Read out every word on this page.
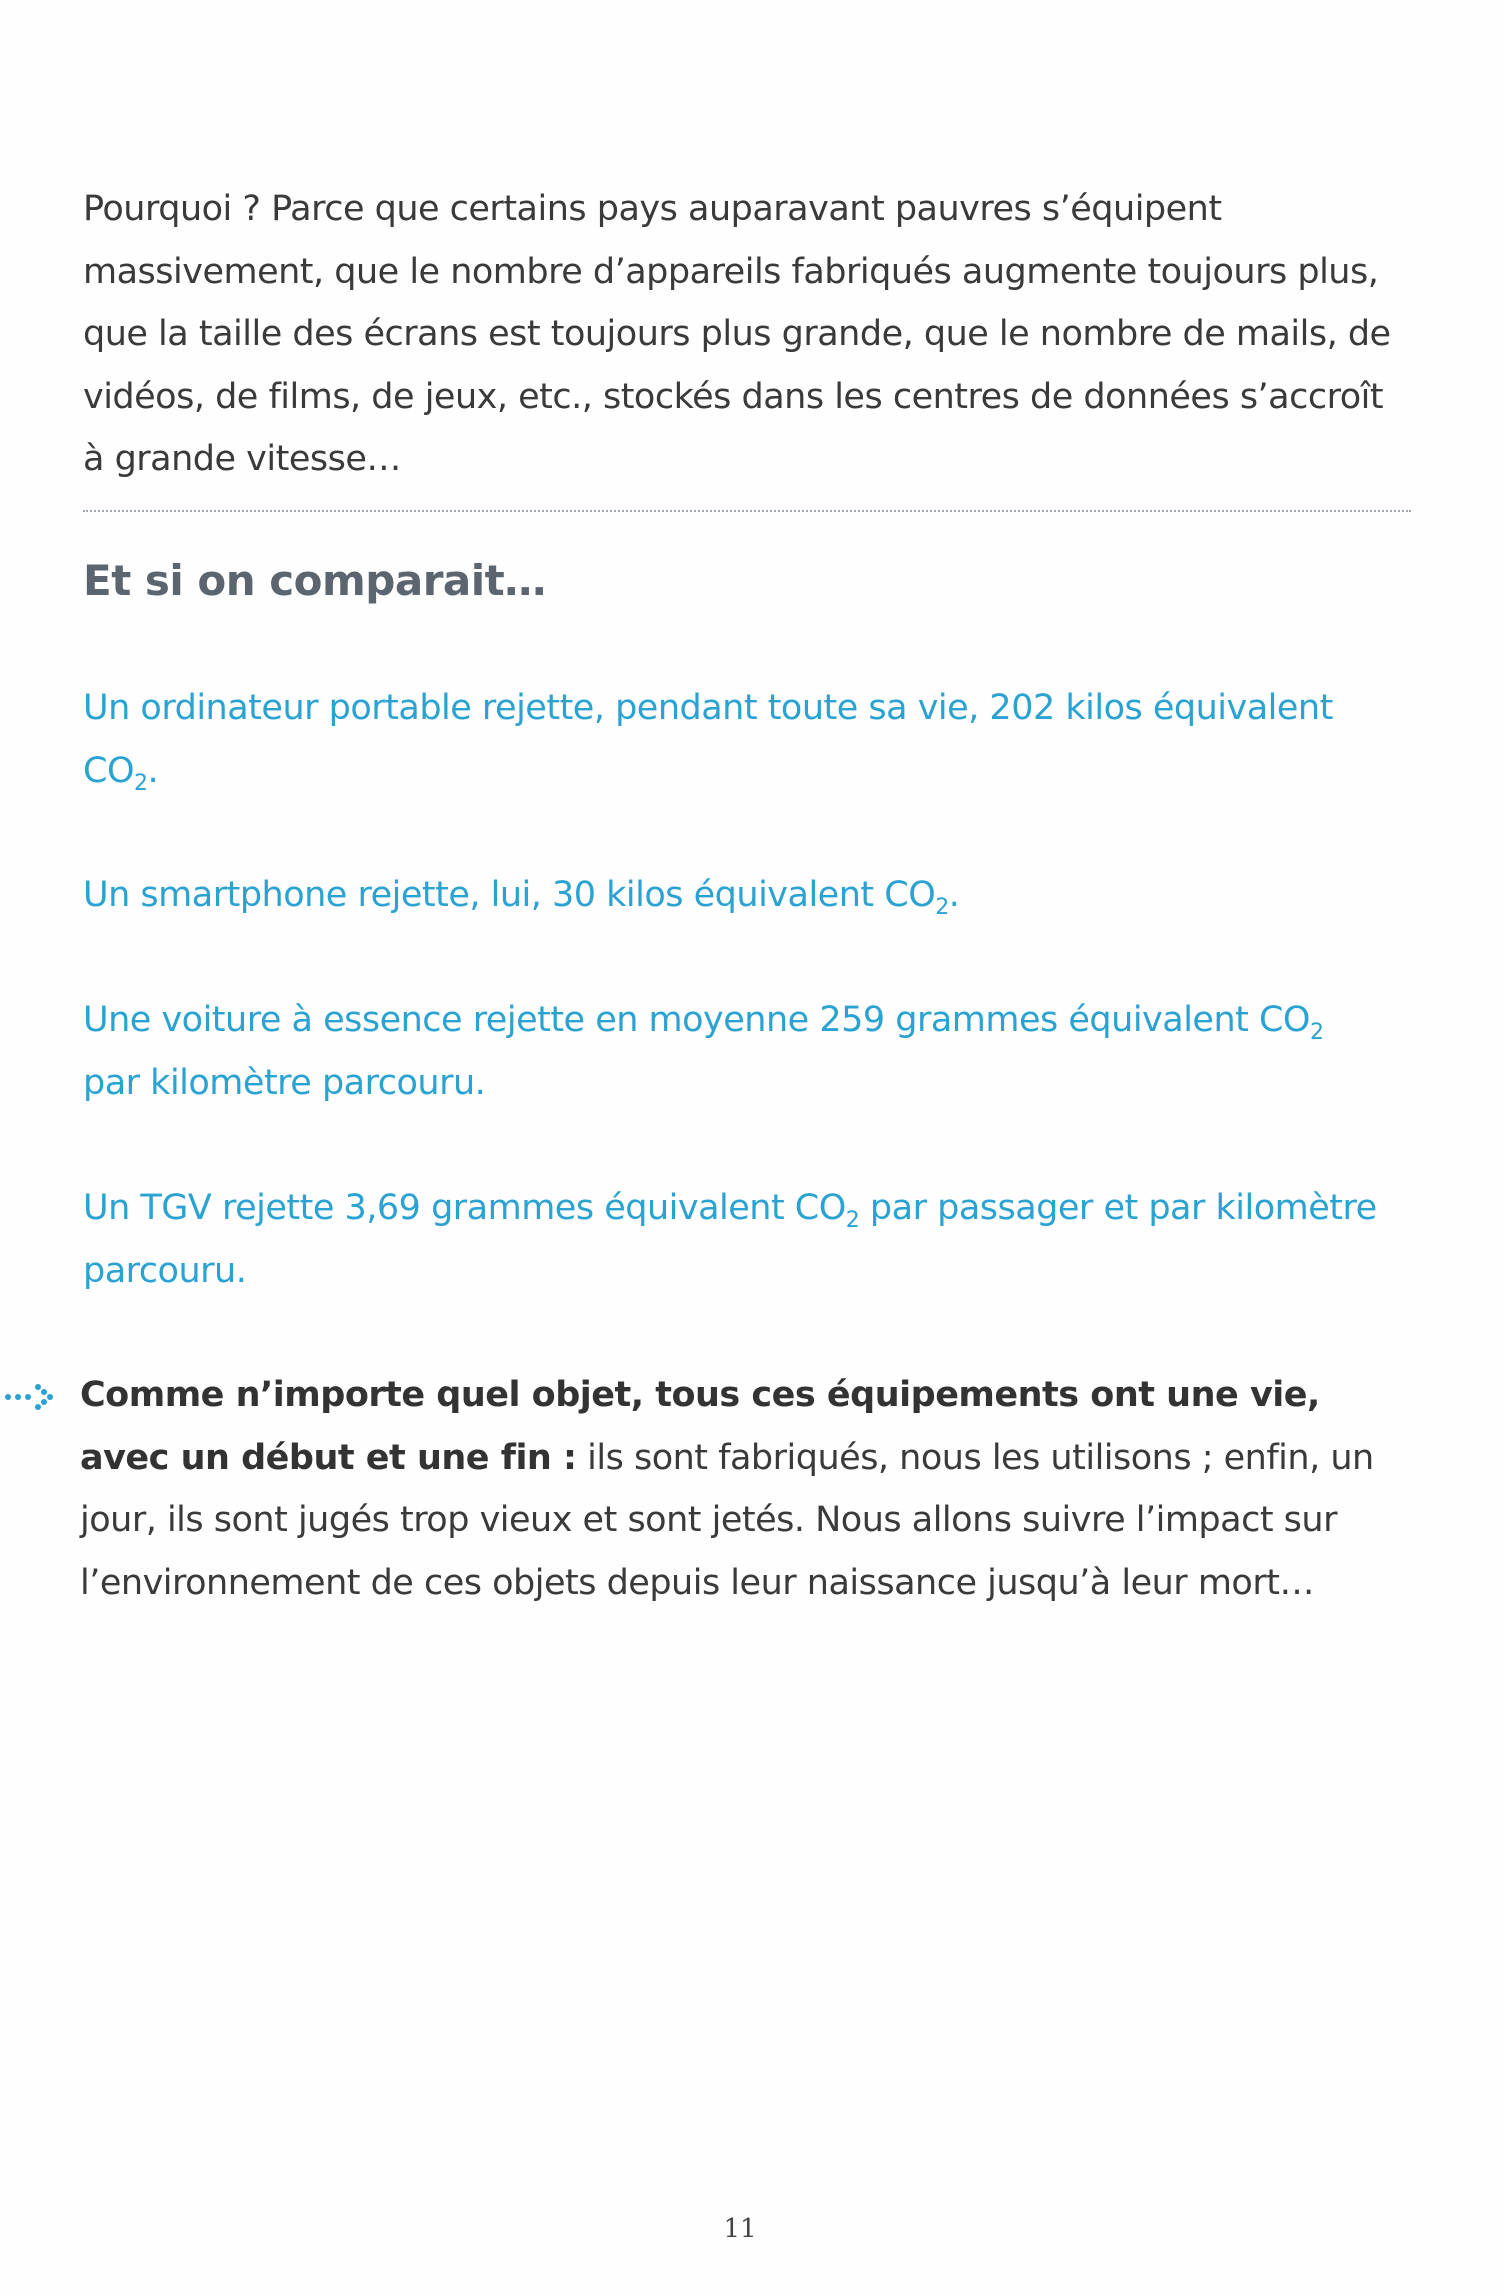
Pourquoi ? Parce que certains pays auparavant pauvres s’équipent massivement, que le nombre d’appareils fabriqués augmente toujours plus, que la taille des écrans est toujours plus grande, que le nombre de mails, de vidéos, de films, de jeux, etc., stockés dans les centres de données s’accroît à grande vitesse…

Et si on comparait…

Un ordinateur portable rejette, pendant toute sa vie, 202 kilos équivalent $CO_2$.

Un smartphone rejette, lui, 30 kilos équivalent $CO_2$.

Une voiture à essence rejette en moyenne 259 grammes équivalent $CO_2$ par kilomètre parcouru.

Un TGV rejette 3,69 grammes équivalent $CO_2$ par passager et par kilomètre parcouru.

Comme n’importe quel objet, tous ces équipements ont une vie, avec un début et une fin : ils sont fabriqués, nous les utilisons ; enfin, un jour, ils sont jugés trop vieux et sont jetés. Nous allons suivre l’impact sur l’environnement de ces objets depuis leur naissance jusqu’à leur mort…

11
